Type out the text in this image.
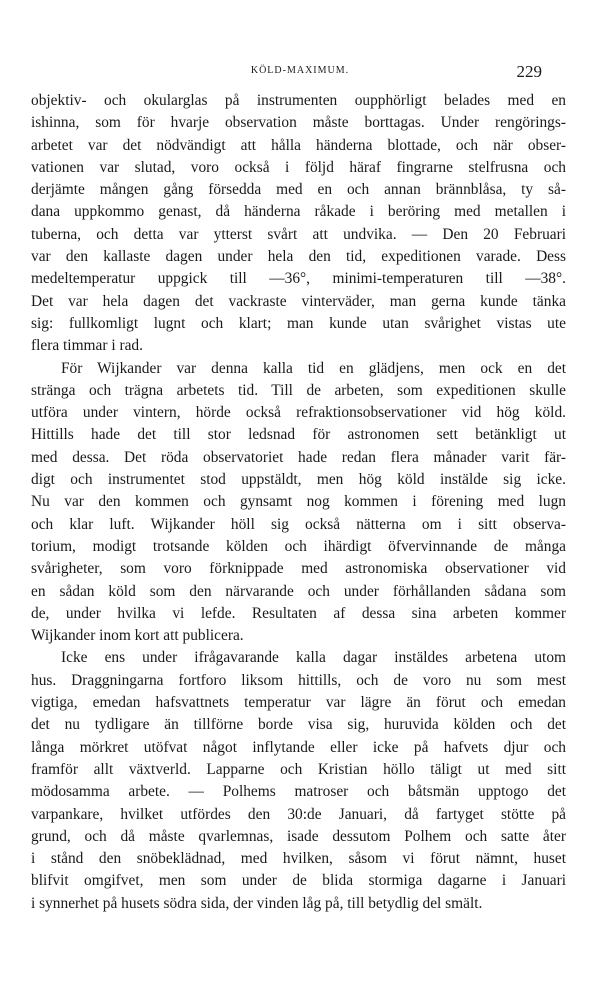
KÖLD-MAXIMUM.	229
objektiv- och okularglas på instrumenten oupphörligt belades med en
ishinna, som för hvarje observation måste borttagas. Under rengörings-
arbetet var det nödvändigt att hålla händerna blottade, och när obser-
vationen var slutad, voro också i följd häraf fingrarne stelfrusna och
derjämte mången gång försedda med en och annan brännblåsa, ty så-
dana uppkommo genast, då händerna råkade i beröring med metallen i
tuberna, och detta var ytterst svårt att undvika. — Den 20 Februari
var den kallaste dagen under hela den tid, expeditionen varade. Dess
medeltemperatur uppgick till —36°, minimi-temperaturen till —38°.
Det var hela dagen det vackraste vinterväder, man gerna kunde tänka
sig: fullkomligt lugnt och klart; man kunde utan svårighet vistas ute
flera timmar i rad.
För Wijkander var denna kalla tid en glädjens, men ock en det
stränga och trägna arbetets tid. Till de arbeten, som expeditionen skulle
utföra under vintern, hörde också refraktionsobservationer vid hög köld.
Hittills hade det till stor ledsnad för astronomen sett betänkligt ut
med dessa. Det röda observatoriet hade redan flera månader varit fär-
digt och instrumentet stod uppstäldt, men hög köld instälde sig icke.
Nu var den kommen och gynsamt nog kommen i förening med lugn
och klar luft. Wijkander höll sig också nätterna om i sitt observa-
torium, modigt trotsande kölden och ihärdigt öfvervinnande de många
svårigheter, som voro förknippade med astronomiska observationer vid
en sådan köld som den närvarande och under förhållanden sådana som
de, under hvilka vi lefde. Resultaten af dessa sina arbeten kommer
Wijkander inom kort att publicera.
Icke ens under ifrågavarande kalla dagar instäldes arbetena utom
hus. Draggningarna fortforo liksom hittills, och de voro nu som mest
vigtiga, emedan hafsvattnets temperatur var lägre än förut och emedan
det nu tydligare än tillförne borde visa sig, huruvida kölden och det
långa mörkret utöfvat något inflytande eller icke på hafvets djur och
framför allt växtverld. Lapparne och Kristian höllo täligt ut med sitt
mödosamma arbete. — Polhems matroser och båtsmän upptogo det
varpankare, hvilket utfördes den 30:de Januari, då fartyget stötte på
grund, och då måste qvarlemnas, isade dessutom Polhem och satte åter
i stånd den snöbeklädnad, med hvilken, såsom vi förut nämnt, huset
blifvit omgifvet, men som under de blida stormiga dagarne i Januari
i synnerhet på husets södra sida, der vinden låg på, till betydlig del smält.
